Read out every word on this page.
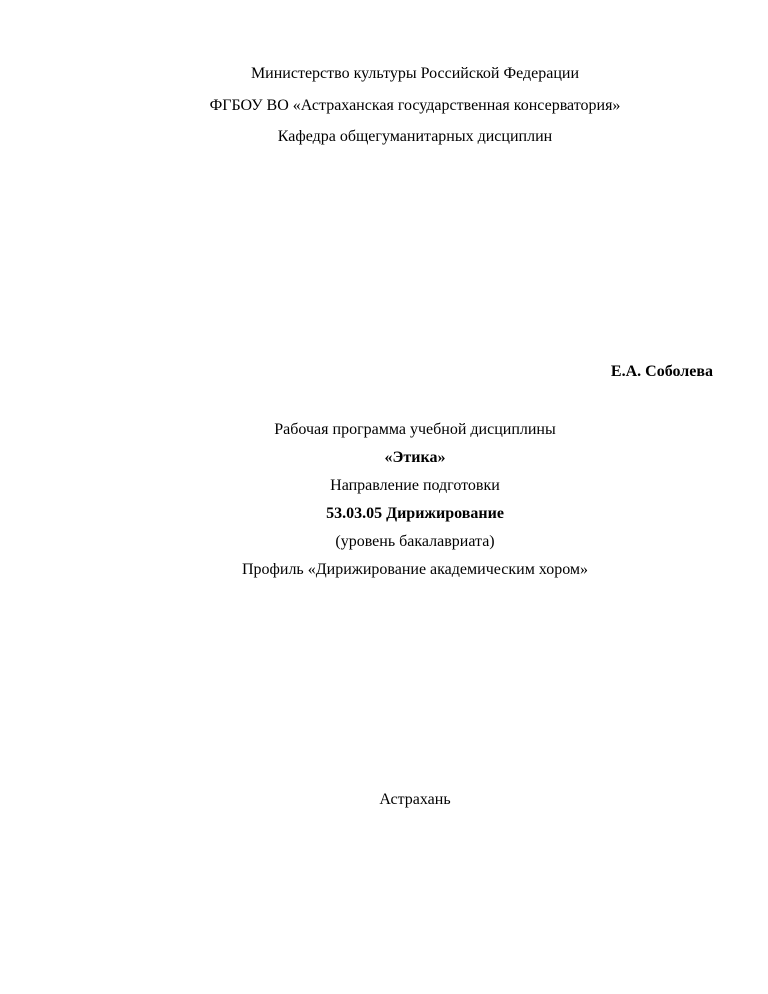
Министерство культуры Российской Федерации
ФГБОУ ВО «Астраханская государственная консерватория»
Кафедра общегуманитарных дисциплин
Е.А. Соболева
Рабочая программа учебной дисциплины
«Этика»
Направление подготовки
53.03.05 Дирижирование
(уровень бакалавриата)
Профиль «Дирижирование академическим хором»
Астрахань
